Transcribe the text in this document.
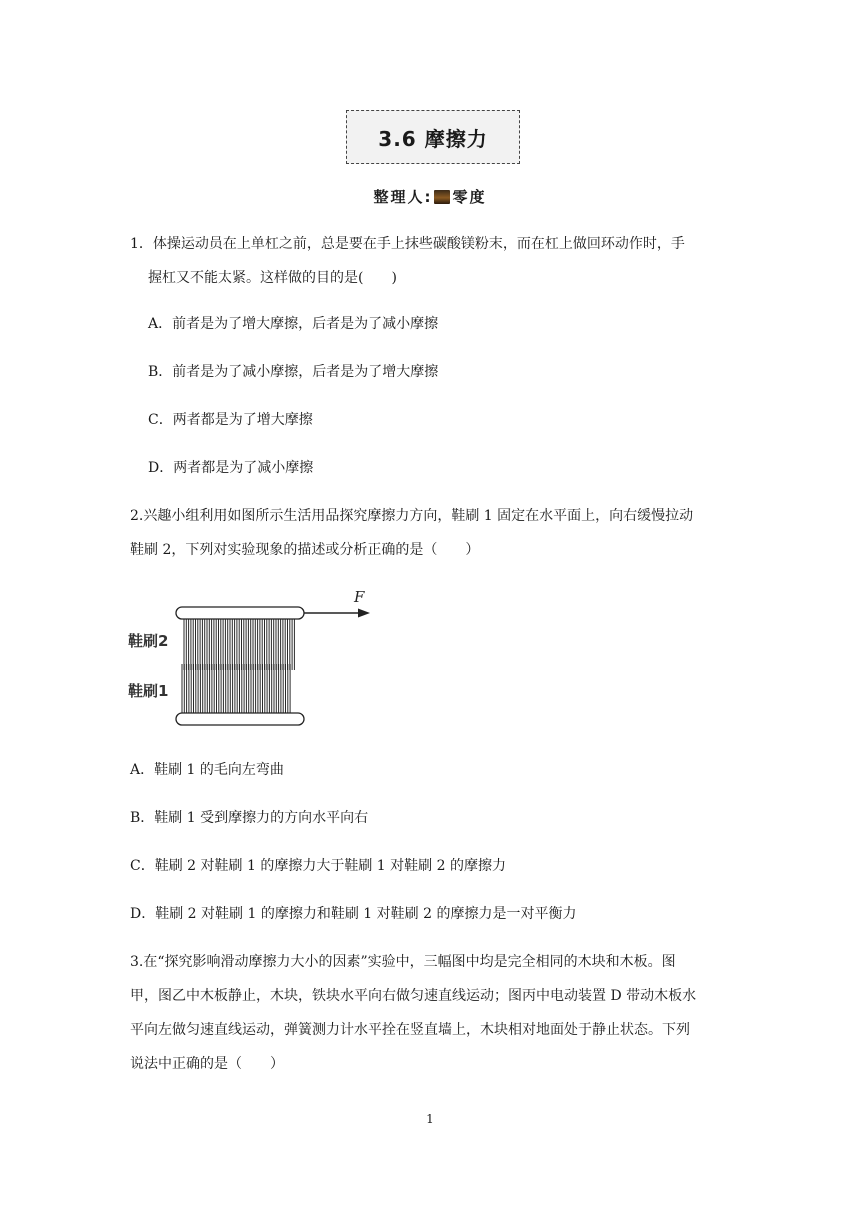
3.6 摩擦力
整理人: 零度
1．体操运动员在上单杠之前，总是要在手上抹些碳酸镁粉末，而在杠上做回环动作时，手
握杠又不能太紧。这样做的目的是(　　)
A．前者是为了增大摩擦，后者是为了减小摩擦
B．前者是为了减小摩擦，后者是为了增大摩擦
C．两者都是为了增大摩擦
D．两者都是为了减小摩擦
2.兴趣小组利用如图所示生活用品探究摩擦力方向，鞋刷 1 固定在水平面上，向右缓慢拉动
鞋刷 2，下列对实验现象的描述或分析正确的是（　　）
F
鞋刷2
鞋刷1
A．鞋刷 1 的毛向左弯曲
B．鞋刷 1 受到摩擦力的方向水平向右
C．鞋刷 2 对鞋刷 1 的摩擦力大于鞋刷 1 对鞋刷 2 的摩擦力
D．鞋刷 2 对鞋刷 1 的摩擦力和鞋刷 1 对鞋刷 2 的摩擦力是一对平衡力
3.在“探究影响滑动摩擦力大小的因素”实验中，三幅图中均是完全相同的木块和木板。图
甲，图乙中木板静止，木块，铁块水平向右做匀速直线运动；图丙中电动装置 D 带动木板水
平向左做匀速直线运动，弹簧测力计水平拴在竖直墙上，木块相对地面处于静止状态。下列
说法中正确的是（　　）
1
